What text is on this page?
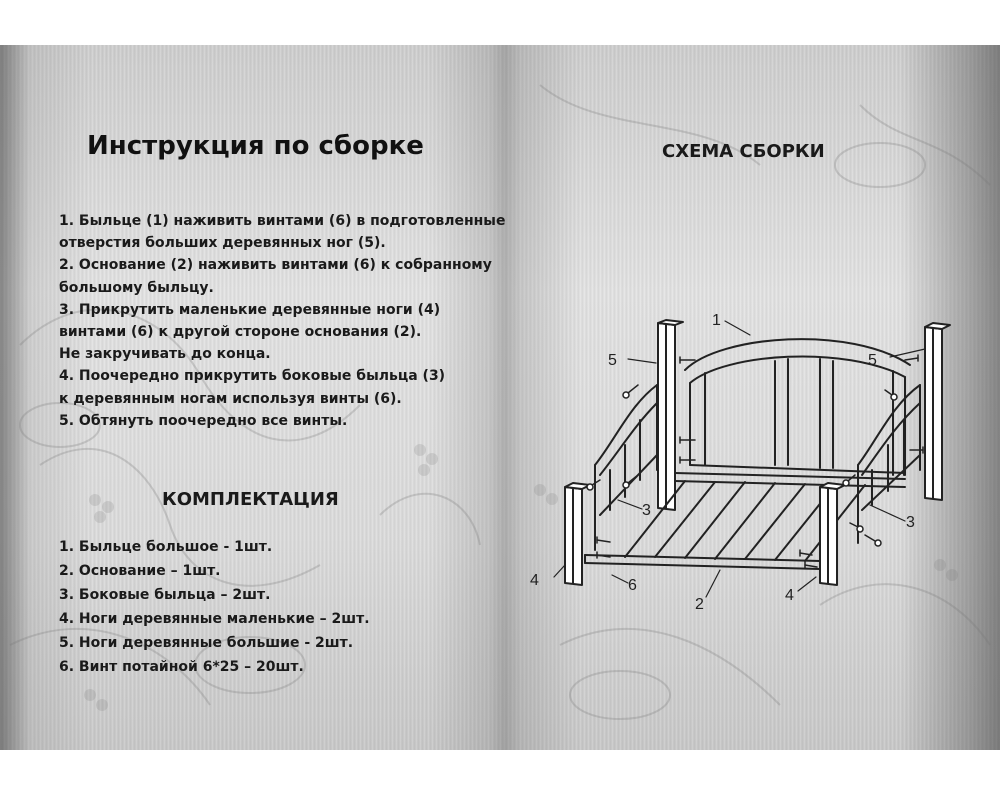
Инструкция по сборке
1. Быльце (1) наживить винтами (6) в подготовленные
отверстия больших деревянных ног (5).
2. Основание (2) наживить винтами (6) к собранному
большому быльцу.
3. Прикрутить маленькие деревянные ноги (4)
винтами (6) к другой стороне основания (2).
Не закручивать до конца.
4. Поочередно прикрутить боковые быльца (3)
к деревянным ногам используя винты (6).
5. Обтянуть поочередно все винты.
КОМПЛЕКТАЦИЯ
1. Быльце большое - 1шт.
2. Основание – 1шт.
3. Боковые быльца – 2шт.
4. Ноги деревянные маленькие – 2шт.
5. Ноги деревянные большие - 2шт.
6. Винт потайной 6*25 – 20шт.
СХЕМА СБОРКИ
1
5	5
3
3
4	6
2
4
